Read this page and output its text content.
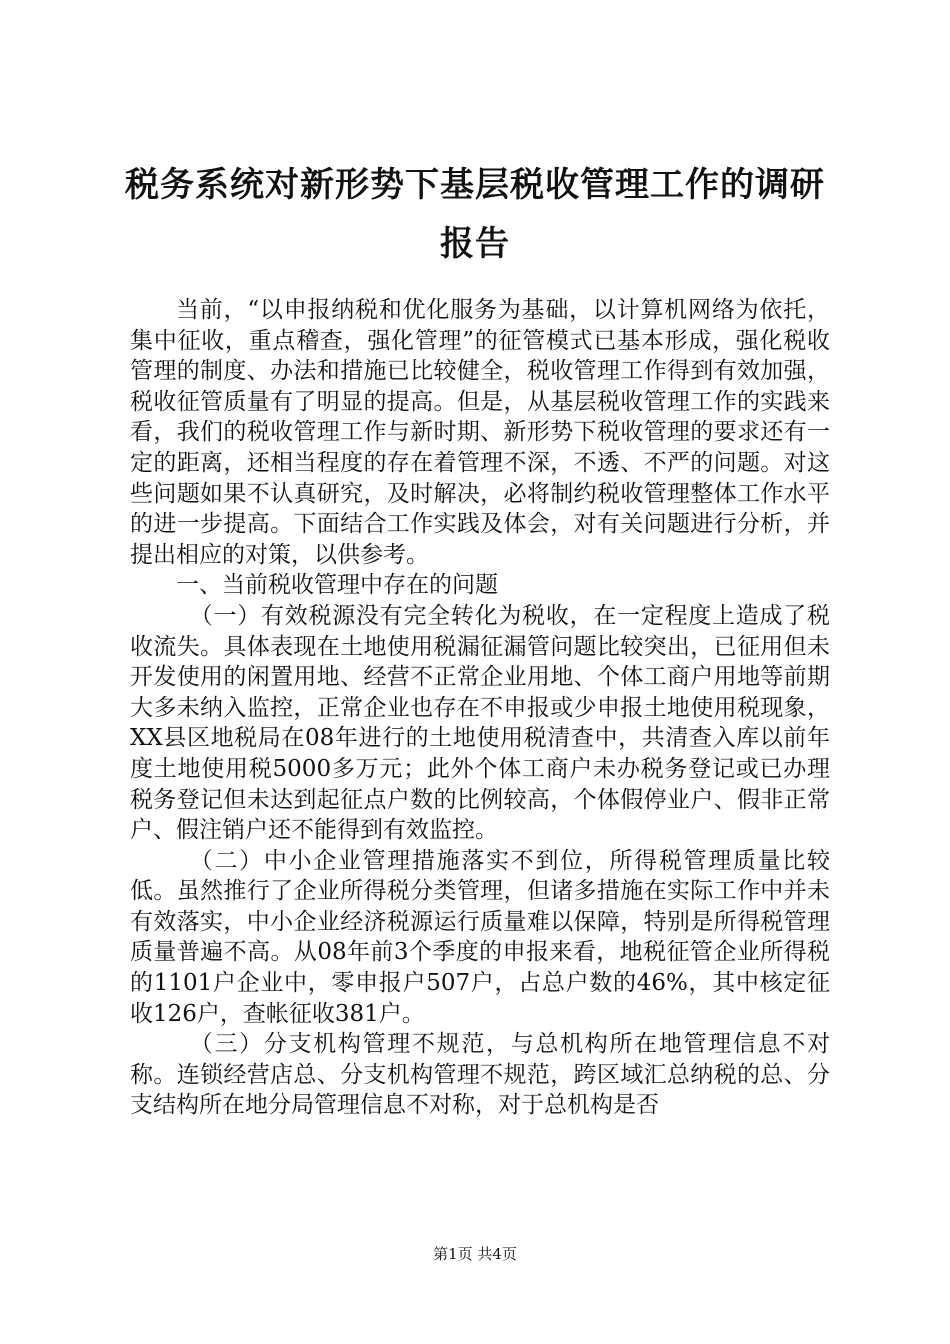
税务系统对新形势下基层税收管理工作的调研
报告

当前，“以申报纳税和优化服务为基础，以计算机网络为依托，集中征收，重点稽查，强化管理”的征管模式已基本形成，强化税收管理的制度、办法和措施已比较健全，税收管理工作得到有效加强，税收征管质量有了明显的提高。但是，从基层税收管理工作的实践来看，我们的税收管理工作与新时期、新形势下税收管理的要求还有一定的距离，还相当程度的存在着管理不深，不透、不严的问题。对这些问题如果不认真研究，及时解决，必将制约税收管理整体工作水平的进一步提高。下面结合工作实践及体会，对有关问题进行分析，并提出相应的对策，以供参考。

一、当前税收管理中存在的问题

（一）有效税源没有完全转化为税收，在一定程度上造成了税收流失。具体表现在土地使用税漏征漏管问题比较突出，已征用但未开发使用的闲置用地、经营不正常企业用地、个体工商户用地等前期大多未纳入监控，正常企业也存在不申报或少申报土地使用税现象，XX县区地税局在08年进行的土地使用税清查中，共清查入库以前年度土地使用税5000多万元；此外个体工商户未办税务登记或已办理税务登记但未达到起征点户数的比例较高，个体假停业户、假非正常户、假注销户还不能得到有效监控。

（二）中小企业管理措施落实不到位，所得税管理质量比较低。虽然推行了企业所得税分类管理，但诸多措施在实际工作中并未有效落实，中小企业经济税源运行质量难以保障，特别是所得税管理质量普遍不高。从08年前3个季度的申报来看，地税征管企业所得税的1101户企业中，零申报户507户，占总户数的46%，其中核定征收126户，查帐征收381户。

（三）分支机构管理不规范，与总机构所在地管理信息不对称。连锁经营店总、分支机构管理不规范，跨区域汇总纳税的总、分支结构所在地分局管理信息不对称，对于总机构是否

第1页 共4页
